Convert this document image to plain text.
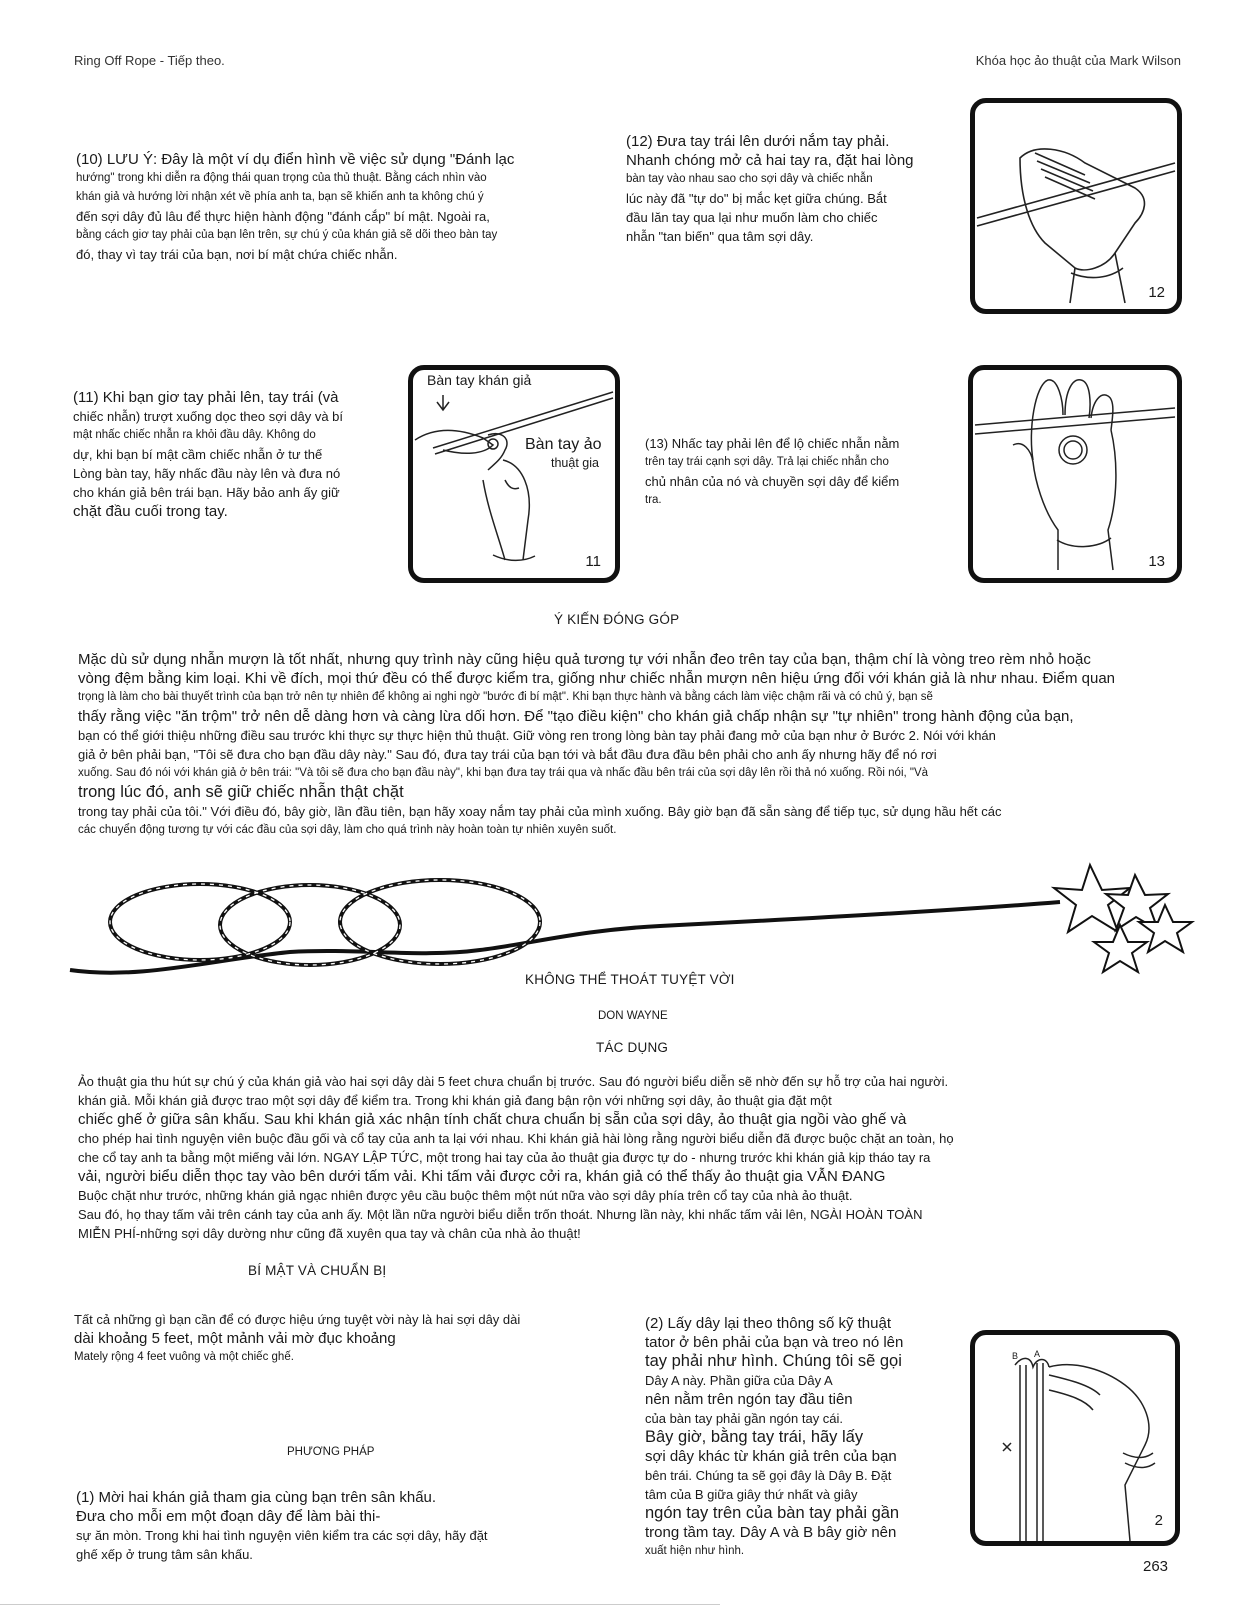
Ring Off Rope - Tiếp theo.	Khóa học ảo thuật của Mark Wilson
(10) LƯU Ý: Đây là một ví dụ điển hình về việc sử dụng "Đánh lạc
hướng" trong khi diễn ra động thái quan trọng của thủ thuật. Bằng cách nhìn vào
khán giả và hướng lời nhận xét về phía anh ta, bạn sẽ khiến anh ta không chú ý
đến sợi dây đủ lâu để thực hiện hành động "đánh cắp" bí mật. Ngoài ra,
bằng cách giơ tay phải của bạn lên trên, sự chú ý của khán giả sẽ dõi theo bàn tay
đó, thay vì tay trái của bạn, nơi bí mật chứa chiếc nhẫn.
(12) Đưa tay trái lên dưới nắm tay phải.
Nhanh chóng mở cả hai tay ra, đặt hai lòng
bàn tay vào nhau sao cho sợi dây và chiếc nhẫn
lúc này đã "tự do" bị mắc kẹt giữa chúng. Bắt
đầu lăn tay qua lại như muốn làm cho chiếc
nhẫn "tan biến" qua tâm sợi dây.
12
(11) Khi bạn giơ tay phải lên, tay trái (và
chiếc nhẫn) trượt xuống dọc theo sợi dây và bí
mật nhấc chiếc nhẫn ra khỏi đầu dây. Không do
dự, khi bạn bí mật cầm chiếc nhẫn ở tư thế
Lòng bàn tay, hãy nhấc đầu này lên và đưa nó
cho khán giả bên trái bạn. Hãy bảo anh ấy giữ
chặt đầu cuối trong tay.
Bàn tay khán giả
Bàn tay ảo
thuật gia
11
(13) Nhấc tay phải lên để lộ chiếc nhẫn nằm
trên tay trái cạnh sợi dây. Trả lại chiếc nhẫn cho
chủ nhân của nó và chuyền sợi dây để kiểm
tra.
13
Ý KIẾN ĐÓNG GÓP
Mặc dù sử dụng nhẫn mượn là tốt nhất, nhưng quy trình này cũng hiệu quả tương tự với nhẫn đeo trên tay của bạn, thậm chí là vòng treo rèm nhỏ hoặc
vòng đệm bằng kim loại. Khi về đích, mọi thứ đều có thể được kiểm tra, giống như chiếc nhẫn mượn nên hiệu ứng đối với khán giả là như nhau. Điểm quan
trọng là làm cho bài thuyết trình của bạn trở nên tự nhiên để không ai nghi ngờ "bước đi bí mật". Khi bạn thực hành và bằng cách làm việc chậm rãi và có chủ ý, bạn sẽ
thấy rằng việc "ăn trộm" trở nên dễ dàng hơn và càng lừa dối hơn. Để "tạo điều kiện" cho khán giả chấp nhận sự "tự nhiên" trong hành động của bạn,
bạn có thể giới thiệu những điều sau trước khi thực sự thực hiện thủ thuật. Giữ vòng ren trong lòng bàn tay phải đang mở của bạn như ở Bước 2. Nói với khán
giả ở bên phải bạn, "Tôi sẽ đưa cho bạn đầu dây này." Sau đó, đưa tay trái của bạn tới và bắt đầu đưa đầu bên phải cho anh ấy nhưng hãy để nó rơi
xuống. Sau đó nói với khán giả ở bên trái: "Và tôi sẽ đưa cho bạn đầu này", khi bạn đưa tay trái qua và nhấc đầu bên trái của sợi dây lên rồi thả nó xuống. Rồi nói, "Và
trong lúc đó, anh sẽ giữ chiếc nhẫn thật chặt
trong tay phải của tôi." Với điều đó, bây giờ, lần đầu tiên, bạn hãy xoay nắm tay phải của mình xuống. Bây giờ bạn đã sẵn sàng để tiếp tục, sử dụng hầu hết các
các chuyển động tương tự với các đầu của sợi dây, làm cho quá trình này hoàn toàn tự nhiên xuyên suốt.
KHÔNG THỂ THOÁT TUYỆT VỜI
DON WAYNE
TÁC DỤNG
Ảo thuật gia thu hút sự chú ý của khán giả vào hai sợi dây dài 5 feet chưa chuẩn bị trước. Sau đó người biểu diễn sẽ nhờ đến sự hỗ trợ của hai người.
khán giả. Mỗi khán giả được trao một sợi dây để kiểm tra. Trong khi khán giả đang bận rộn với những sợi dây, ảo thuật gia đặt một
chiếc ghế ở giữa sân khấu. Sau khi khán giả xác nhận tính chất chưa chuẩn bị sẵn của sợi dây, ảo thuật gia ngồi vào ghế và
cho phép hai tình nguyện viên buộc đầu gối và cổ tay của anh ta lại với nhau. Khi khán giả hài lòng rằng người biểu diễn đã được buộc chặt an toàn, họ
che cổ tay anh ta bằng một miếng vải lớn. NGAY LẬP TỨC, một trong hai tay của ảo thuật gia được tự do - nhưng trước khi khán giả kịp tháo tay ra
vải, người biểu diễn thọc tay vào bên dưới tấm vải. Khi tấm vải được cởi ra, khán giả có thể thấy ảo thuật gia VẪN ĐANG
Buộc chặt như trước, những khán giả ngạc nhiên được yêu cầu buộc thêm một nút nữa vào sợi dây phía trên cổ tay của nhà ảo thuật.
Sau đó, họ thay tấm vải trên cánh tay của anh ấy. Một lần nữa người biểu diễn trốn thoát. Nhưng lần này, khi nhấc tấm vải lên, NGÀI HOÀN TOÀN
MIỄN PHÍ-những sợi dây dường như cũng đã xuyên qua tay và chân của nhà ảo thuật!
BÍ MẬT VÀ CHUẨN BỊ
Tất cả những gì bạn cần để có được hiệu ứng tuyệt vời này là hai sợi dây dài
dài khoảng 5 feet, một mảnh vải mờ đục khoảng
Mately rộng 4 feet vuông và một chiếc ghế.
PHƯƠNG PHÁP
(1) Mời hai khán giả tham gia cùng bạn trên sân khấu.
Đưa cho mỗi em một đoạn dây để làm bài thi-
sự ăn mòn. Trong khi hai tình nguyện viên kiểm tra các sợi dây, hãy đặt
ghế xếp ở trung tâm sân khấu.
(2) Lấy dây lại theo thông số kỹ thuật
tator ở bên phải của bạn và treo nó lên
tay phải như hình. Chúng tôi sẽ gọi
Dây A này. Phần giữa của Dây A
nên nằm trên ngón tay đầu tiên
của bàn tay phải gần ngón tay cái.
Bây giờ, bằng tay trái, hãy lấy
sợi dây khác từ khán giả trên của bạn
bên trái. Chúng ta sẽ gọi đây là Dây B. Đặt
tâm của B giữa giây thứ nhất và giây
ngón tay trên của bàn tay phải gần
trong tầm tay. Dây A và B bây giờ nên
xuất hiện như hình.
B A
2
263
